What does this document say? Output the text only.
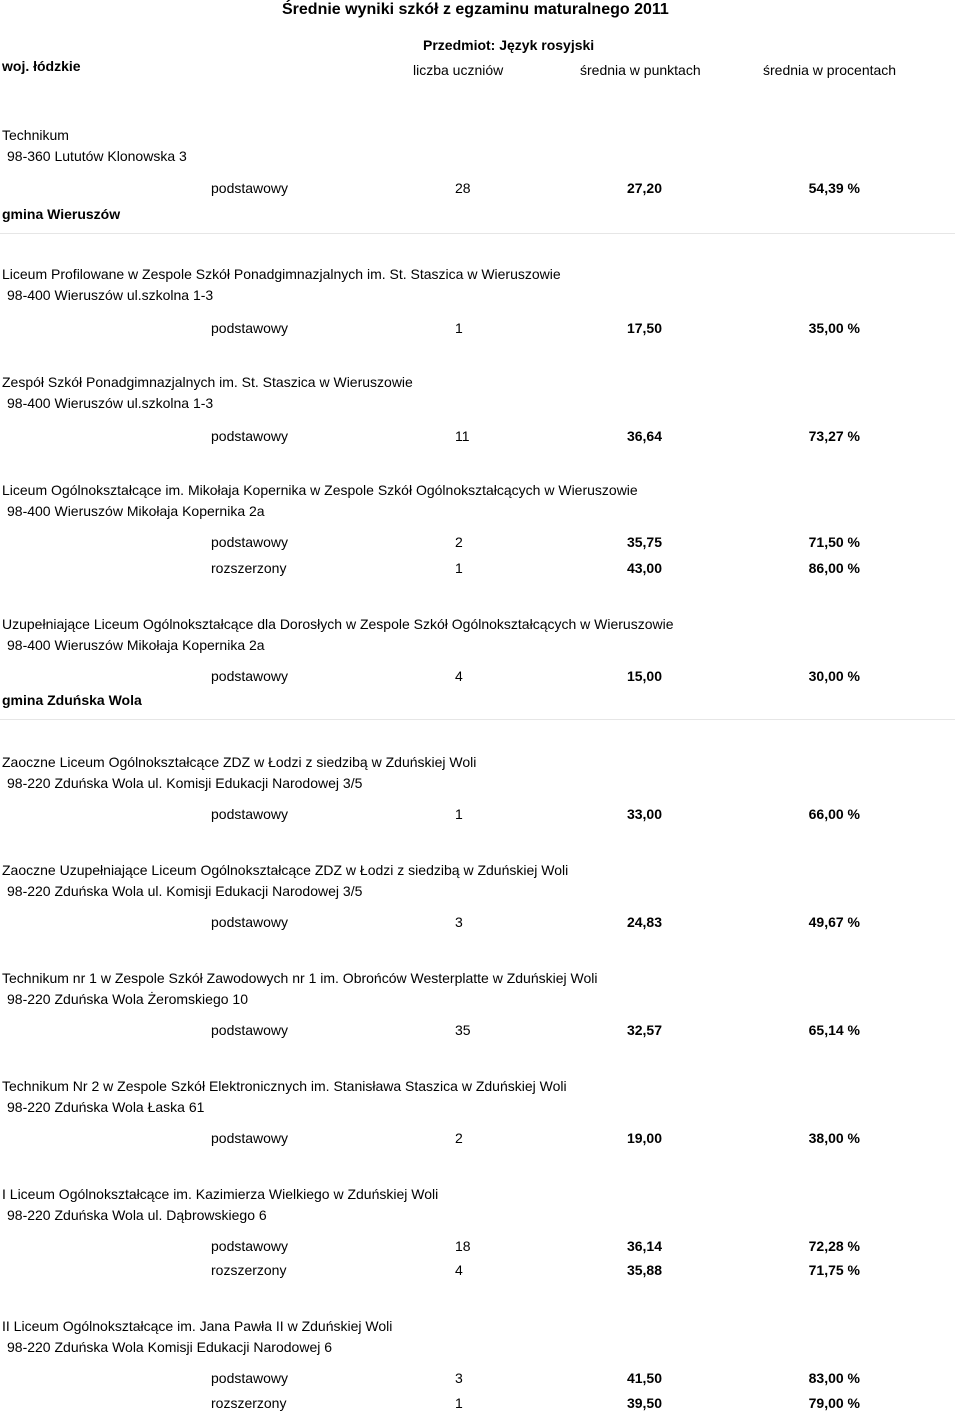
Średnie wyniki szkół z egzaminu maturalnego 2011
Przedmiot: Język rosyjski
woj. łódzkie	liczba uczniów	średnia w punktach	średnia w procentach
gmina Wieruszów
gmina Zduńska Wola
Technikum
98-360 Lututów Klonowska 3
podstawowy	28	27,20	54,39 %
Liceum Profilowane w Zespole Szkół Ponadgimnazjalnych im. St. Staszica w Wieruszowie
98-400 Wieruszów ul.szkolna 1-3
podstawowy	1	17,50	35,00 %
Zespół Szkół Ponadgimnazjalnych im. St. Staszica w Wieruszowie
98-400 Wieruszów ul.szkolna 1-3
podstawowy	11	36,64	73,27 %
Liceum Ogólnokształcące im. Mikołaja Kopernika w Zespole Szkół Ogólnokształcących w Wieruszowie
98-400 Wieruszów Mikołaja Kopernika 2a
podstawowy	2	35,75	71,50 %
rozszerzony	1	43,00	86,00 %
Uzupełniające Liceum Ogólnokształcące dla Dorosłych w Zespole Szkół Ogólnokształcących w Wieruszowie
98-400 Wieruszów Mikołaja Kopernika 2a
podstawowy	4	15,00	30,00 %
Zaoczne Liceum Ogólnokształcące ZDZ w Łodzi z siedzibą w Zduńskiej Woli
98-220 Zduńska Wola ul. Komisji Edukacji Narodowej 3/5
podstawowy	1	33,00	66,00 %
Zaoczne Uzupełniające Liceum Ogólnokształcące ZDZ w Łodzi z siedzibą w Zduńskiej Woli
98-220 Zduńska Wola ul. Komisji Edukacji Narodowej 3/5
podstawowy	3	24,83	49,67 %
Technikum nr 1 w Zespole Szkół Zawodowych nr 1 im. Obrońców Westerplatte w Zduńskiej Woli
98-220 Zduńska Wola Żeromskiego 10
podstawowy	35	32,57	65,14 %
Technikum Nr 2 w Zespole Szkół Elektronicznych im. Stanisława Staszica w Zduńskiej Woli
98-220 Zduńska Wola Łaska 61
podstawowy	2	19,00	38,00 %
I Liceum Ogólnokształcące im. Kazimierza Wielkiego w Zduńskiej Woli
98-220 Zduńska Wola ul. Dąbrowskiego 6
podstawowy	18	36,14	72,28 %
rozszerzony	4	35,88	71,75 %
II Liceum Ogólnokształcące im. Jana Pawła II w Zduńskiej Woli
98-220 Zduńska Wola Komisji Edukacji Narodowej 6
podstawowy	3	41,50	83,00 %
rozszerzony	1	39,50	79,00 %
